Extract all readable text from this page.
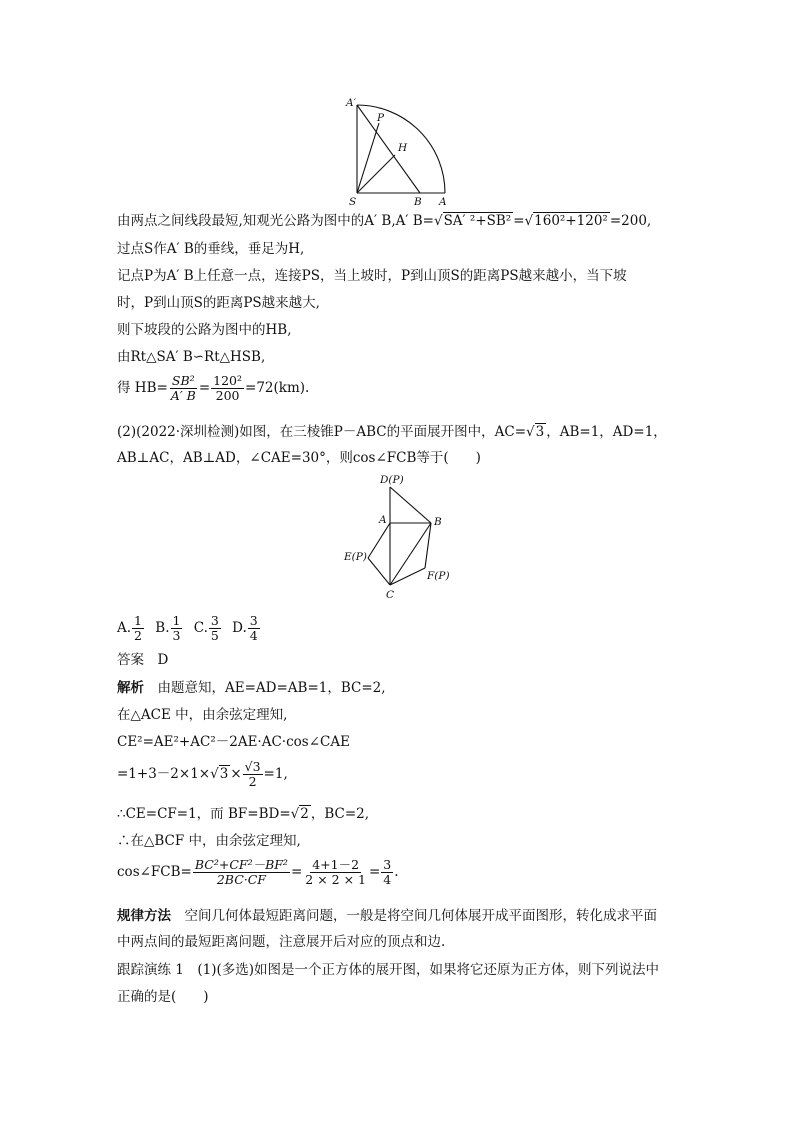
A′
P
H
S	B A
由两点之间线段最短,知观光公路为图中的A′ B,A′ B=√SA′ ²+SB² =√160²+120² =200,
过点S作A′ B的垂线，垂足为H,
记点P为A′ B上任意一点，连接PS，当上坡时，P到山顶S的距离PS越来越小，当下坡
时，P到山顶S的距离PS越来越大,
则下坡段的公路为图中的HB,
由Rt△SA′ B∽Rt△HSB,
得 $HB= \frac{\text{SB²}}{A' B} = \frac{\text{120²}}{200} =72(km)$.
(2)(2022·深圳检测)如图，在三棱锥P－ABC的平面展开图中，AC=√3 ，AB=1，AD=1，
AB⊥AC，AB⊥AD，∠CAE=30°，则cos∠FCB等于(　　)
D(P)
A	B
E(P)
F(P)
C
A. $\frac{1}{2} B$. $\frac{1}{3} C$. $\frac{3}{5} D$. $\frac{3}{4}$
答案　D
解析　由题意知，AE=AD=AB=1，BC=2,
在△ACE 中，由余弦定理知,
CE²=AE²+AC²－2AE·AC·cos∠CAE
$=1+3-2\times 1\times√3 \times \frac{√3}{2} =1$,
∴CE=CF=1，而 BF=BD=√2 ，BC=2,
∴在△BCF 中，由余弦定理知,
cos∠FCB= $\frac{\text{BC²+CF²－BF²}}{2BC\cdot CF} = \frac{4+1-2}{2 \times 2 \times 1} = \frac{3}{4}$ .
规律方法　空间几何体最短距离问题，一般是将空间几何体展开成平面图形，转化成求平面
中两点间的最短距离问题，注意展开后对应的顶点和边.
跟踪演练 1　(1)(多选)如图是一个正方体的展开图，如果将它还原为正方体，则下列说法中
正确的是(　　)
